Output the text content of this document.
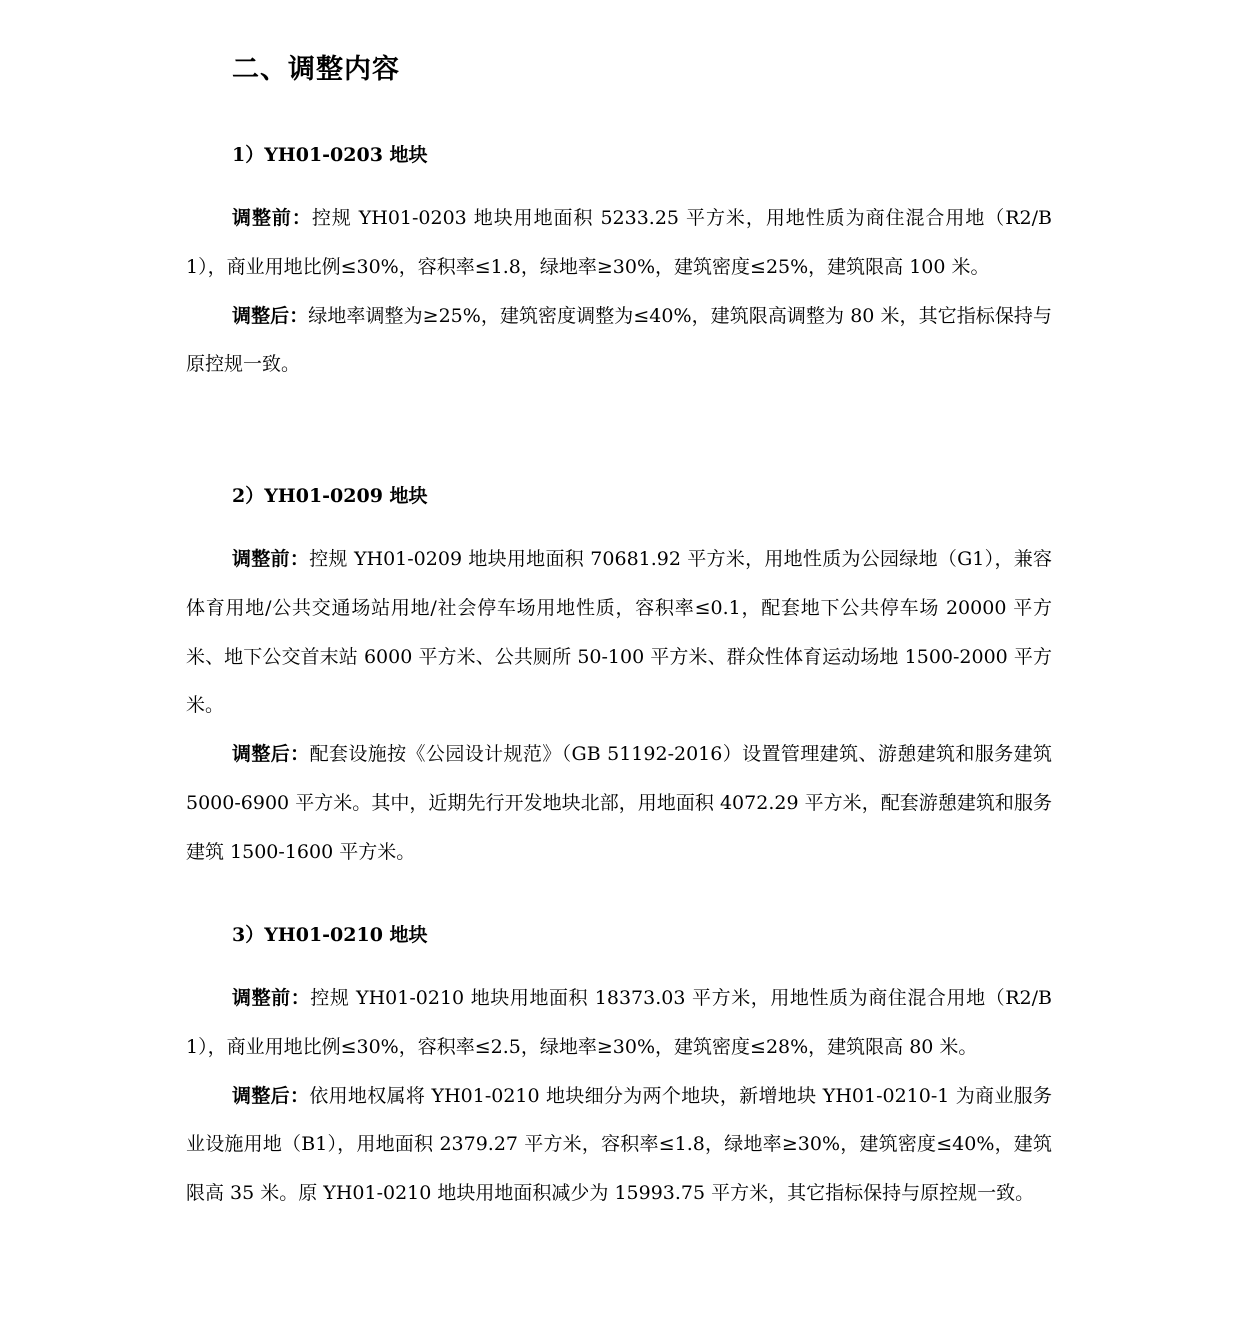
二、调整内容
1）YH01-0203 地块

调整前：控规 YH01-0203 地块用地面积 5233.25 平方米，用地性质为商住混合用地（R2/B1），商业用地比例≤30%，容积率≤1.8，绿地率≥30%，建筑密度≤25%，建筑限高 100 米。

调整后：绿地率调整为≥25%，建筑密度调整为≤40%，建筑限高调整为 80 米，其它指标保持与原控规一致。

2）YH01-0209 地块

调整前：控规 YH01-0209 地块用地面积 70681.92 平方米，用地性质为公园绿地（G1），兼容体育用地/公共交通场站用地/社会停车场用地性质，容积率≤0.1，配套地下公共停车场 20000 平方米、地下公交首末站 6000 平方米、公共厕所 50-100 平方米、群众性体育运动场地 1500-2000 平方米。

调整后：配套设施按《公园设计规范》（GB 51192-2016）设置管理建筑、游憩建筑和服务建筑 5000-6900 平方米。其中，近期先行开发地块北部，用地面积 4072.29 平方米，配套游憩建筑和服务建筑 1500-1600 平方米。

3）YH01-0210 地块

调整前：控规 YH01-0210 地块用地面积 18373.03 平方米，用地性质为商住混合用地（R2/B1），商业用地比例≤30%，容积率≤2.5，绿地率≥30%，建筑密度≤28%，建筑限高 80 米。

调整后：依用地权属将 YH01-0210 地块细分为两个地块，新增地块 YH01-0210-1 为商业服务业设施用地（B1），用地面积 2379.27 平方米，容积率≤1.8，绿地率≥30%，建筑密度≤40%，建筑限高 35 米。原 YH01-0210 地块用地面积减少为 15993.75 平方米，其它指标保持与原控规一致。
